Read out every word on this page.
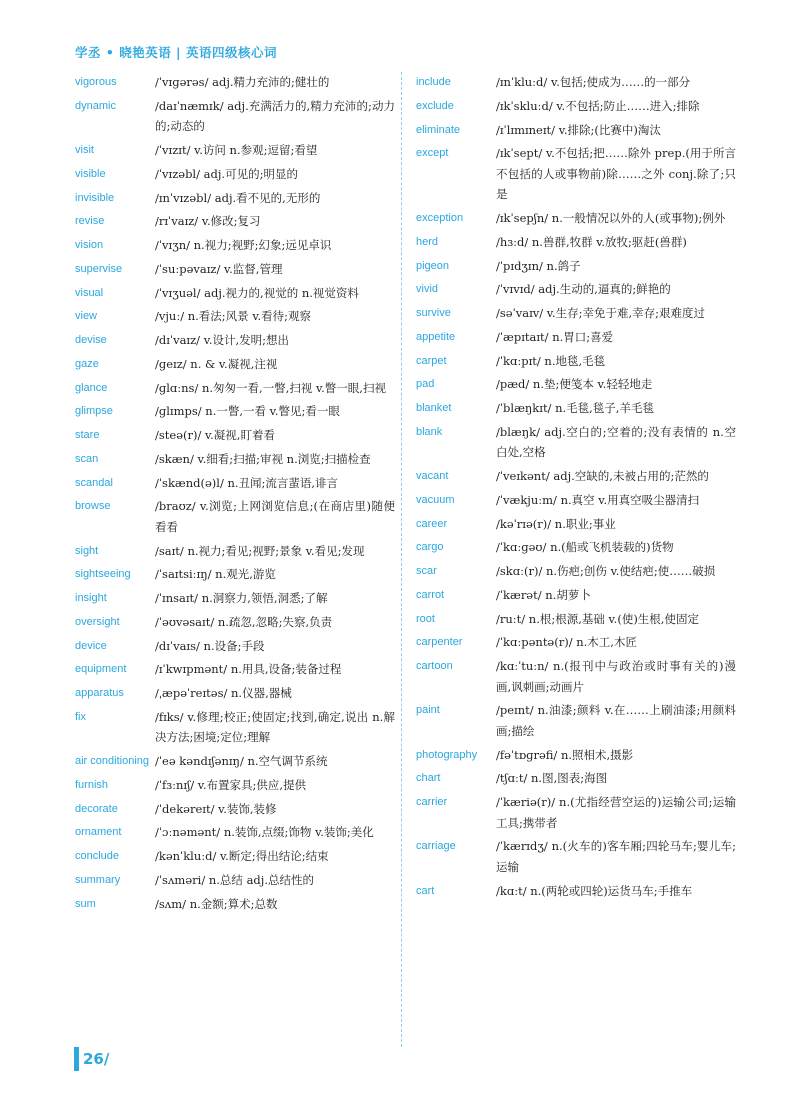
学丞 • 晓艳英语 | 英语四级核心词
vigorous	/ˈvɪɡərəs/ adj.精力充沛的;健壮的
dynamic	/daɪˈnæmɪk/ adj.充满活力的,精力充沛的;动力的;动态的
visit	/ˈvɪzɪt/ v.访问 n.参观;逗留;看望
visible	/ˈvɪzəbl/ adj.可见的;明显的
invisible	/ɪnˈvɪzəbl/ adj.看不见的,无形的
revise	/rɪˈvaɪz/ v.修改;复习
vision	/ˈvɪʒn/ n.视力;视野;幻象;远见卓识
supervise	/ˈsuːpəvaɪz/ v.监督,管理
visual	/ˈvɪʒuəl/ adj.视力的,视觉的 n.视觉资料
view	/vjuː/ n.看法;风景 v.看待;观察
devise	/dɪˈvaɪz/ v.设计,发明;想出
gaze	/ɡeɪz/ n. & v.凝视,注视
glance	/ɡlɑːns/ n.匆匆一看,一瞥,扫视 v.瞥一眼,扫视
glimpse	/ɡlɪmps/ n.一瞥,一看 v.瞥见;看一眼
stare	/steə(r)/ v.凝视,盯着看
scan	/skæn/ v.细看;扫描;审视 n.浏览;扫描检查
scandal	/ˈskænd(ə)l/ n.丑闻;流言蜚语,诽言
browse	/braʊz/ v.浏览;上网浏览信息;(在商店里)随便看看
sight	/saɪt/ n.视力;看见;视野;景象 v.看见;发现
sightseeing	/ˈsaɪtsiːɪŋ/ n.观光,游览
insight	/ˈɪnsaɪt/ n.洞察力,领悟,洞悉;了解
oversight	/ˈəʊvəsaɪt/ n.疏忽,忽略;失察,负责
device	/dɪˈvaɪs/ n.设备;手段
equipment	/ɪˈkwɪpmənt/ n.用具,设备;装备过程
apparatus	/ˌæpəˈreɪtəs/ n.仪器,器械
fix	/fɪks/ v.修理;校正;使固定;找到,确定,说出 n.解决方法;困境;定位;理解
air conditioning /ˈeə kəndɪʃənɪŋ/ n.空气调节系统
furnish	/ˈfɜːnɪʃ/ v.布置家具;供应,提供
decorate	/ˈdekəreɪt/ v.装饰,装修
ornament	/ˈɔːnəmənt/ n.装饰,点缀;饰物 v.装饰;美化
conclude	/kənˈkluːd/ v.断定;得出结论;结束
summary	/ˈsʌməri/ n.总结 adj.总结性的
sum	/sʌm/ n.金额;算术;总数
include	/ɪnˈkluːd/ v.包括;使成为……的一部分
exclude	/ɪkˈskluːd/ v.不包括;防止……进入;排除
eliminate	/ɪˈlɪmɪneɪt/ v.排除;(比赛中)淘汰
except	/ɪkˈsept/ v.不包括;把……除外 prep.(用于所言不包括的人或事物前)除……之外 conj.除了;只是
exception	/ɪkˈsepʃn/ n.一般情况以外的人(或事物);例外
herd	/hɜːd/ n.兽群,牧群 v.放牧;驱赶(兽群)
pigeon	/ˈpɪdʒɪn/ n.鸽子
vivid	/ˈvɪvɪd/ adj.生动的,逼真的;鲜艳的
survive	/səˈvaɪv/ v.生存;幸免于难,幸存;艰难度过
appetite	/ˈæpɪtaɪt/ n.胃口;喜爱
carpet	/ˈkɑːpɪt/ n.地毯,毛毯
pad	/pæd/ n.垫;便笺本 v.轻轻地走
blanket	/ˈblæŋkɪt/ n.毛毯,毯子,羊毛毯
blank	/blæŋk/ adj.空白的;空着的;没有表情的 n.空白处,空格
vacant	/ˈveɪkənt/ adj.空缺的,未被占用的;茫然的
vacuum	/ˈvækjuːm/ n.真空 v.用真空吸尘器清扫
career	/kəˈrɪə(r)/ n.职业;事业
cargo	/ˈkɑːɡəʊ/ n.(船或飞机装载的)货物
scar	/skɑː(r)/ n.伤疤;创伤 v.使结疤;使……破损
carrot	/ˈkærət/ n.胡萝卜
root	/ruːt/ n.根;根源,基础 v.(使)生根,使固定
carpenter	/ˈkɑːpəntə(r)/ n.木工,木匠
cartoon	/kɑːˈtuːn/ n.(报刊中与政治或时事有关的)漫画,讽刺画;动画片
paint	/peɪnt/ n.油漆;颜料 v.在……上刷油漆;用颜料画;描绘
photography	/fəˈtɒɡrəfi/ n.照相术,摄影
chart	/tʃɑːt/ n.图,图表;海图
carrier	/ˈkæriə(r)/ n.(尤指经营空运的)运输公司;运输工具;携带者
carriage	/ˈkærɪdʒ/ n.(火车的)客车厢;四轮马车;婴儿车;运输
cart	/kɑːt/ n.(两轮或四轮)运货马车;手推车
26/
